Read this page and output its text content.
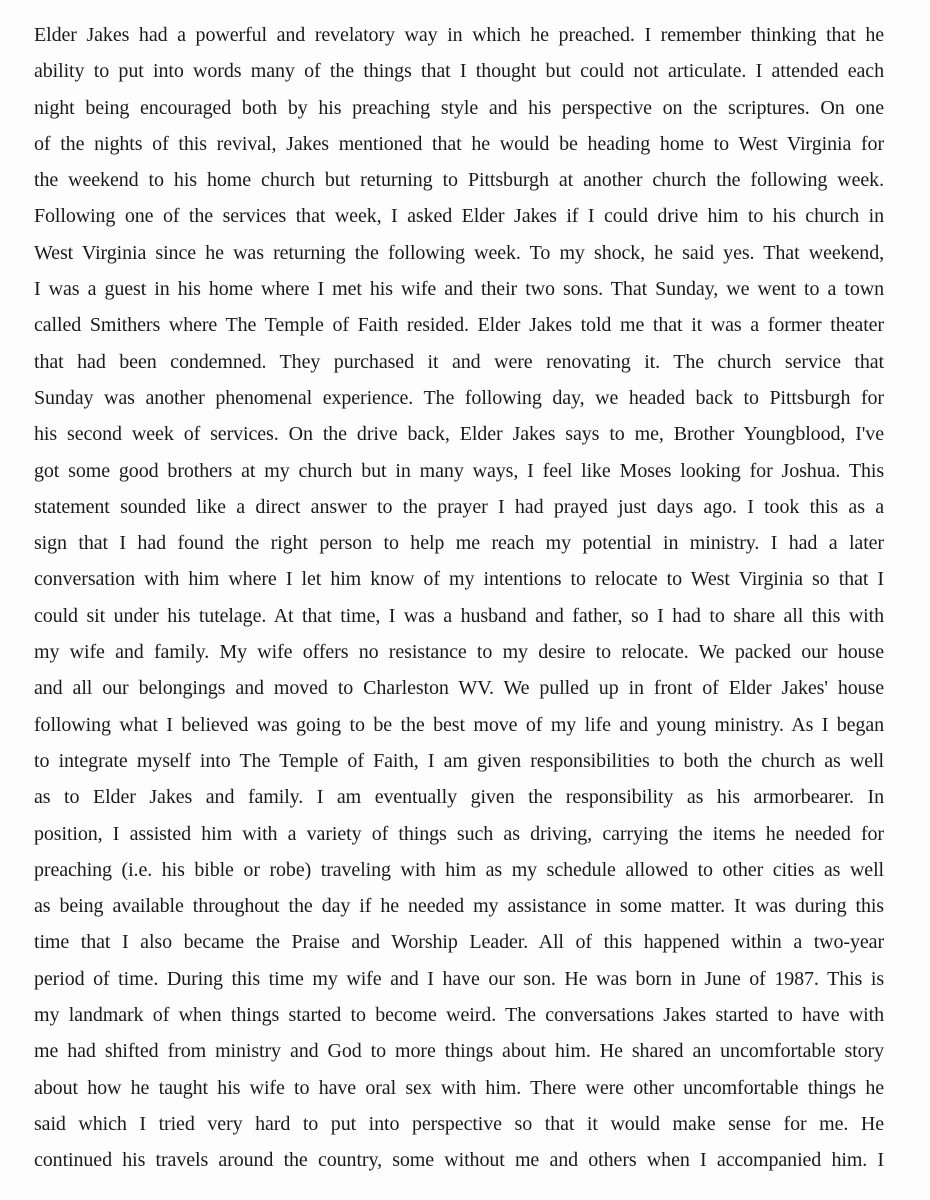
Elder Jakes had a powerful and revelatory way in which he preached. I remember thinking that he
ability to put into words many of the things that I thought but could not articulate. I attended each
night being encouraged both by his preaching style and his perspective on the scriptures. On one
of the nights of this revival, Jakes mentioned that he would be heading home to West Virginia for
the weekend to his home church but returning to Pittsburgh at another church the following week.
Following one of the services that week, I asked Elder Jakes if I could drive him to his church in
West Virginia since he was returning the following week. To my shock, he said yes. That weekend,
I was a guest in his home where I met his wife and their two sons. That Sunday, we went to a town
called Smithers where The Temple of Faith resided. Elder Jakes told me that it was a former theater
that had been condemned. They purchased it and were renovating it. The church service that
Sunday was another phenomenal experience. The following day, we headed back to Pittsburgh for
his second week of services. On the drive back, Elder Jakes says to me, Brother Youngblood, I've
got some good brothers at my church but in many ways, I feel like Moses looking for Joshua. This
statement sounded like a direct answer to the prayer I had prayed just days ago. I took this as a
sign that I had found the right person to help me reach my potential in ministry. I had a later
conversation with him where I let him know of my intentions to relocate to West Virginia so that I
could sit under his tutelage. At that time, I was a husband and father, so I had to share all this with
my wife and family. My wife offers no resistance to my desire to relocate. We packed our house
and all our belongings and moved to Charleston WV. We pulled up in front of Elder Jakes' house
following what I believed was going to be the best move of my life and young ministry. As I began
to integrate myself into The Temple of Faith, I am given responsibilities to both the church as well
as to Elder Jakes and family. I am eventually given the responsibility as his armorbearer. In
position, I assisted him with a variety of things such as driving, carrying the items he needed for
preaching (i.e. his bible or robe) traveling with him as my schedule allowed to other cities as well
as being available throughout the day if he needed my assistance in some matter. It was during this
time that I also became the Praise and Worship Leader. All of this happened within a two-year
period of time. During this time my wife and I have our son. He was born in June of 1987. This is
my landmark of when things started to become weird. The conversations Jakes started to have with
me had shifted from ministry and God to more things about him. He shared an uncomfortable story
about how he taught his wife to have oral sex with him. There were other uncomfortable things he
said which I tried very hard to put into perspective so that it would make sense for me. He
continued his travels around the country, some without me and others when I accompanied him. I
